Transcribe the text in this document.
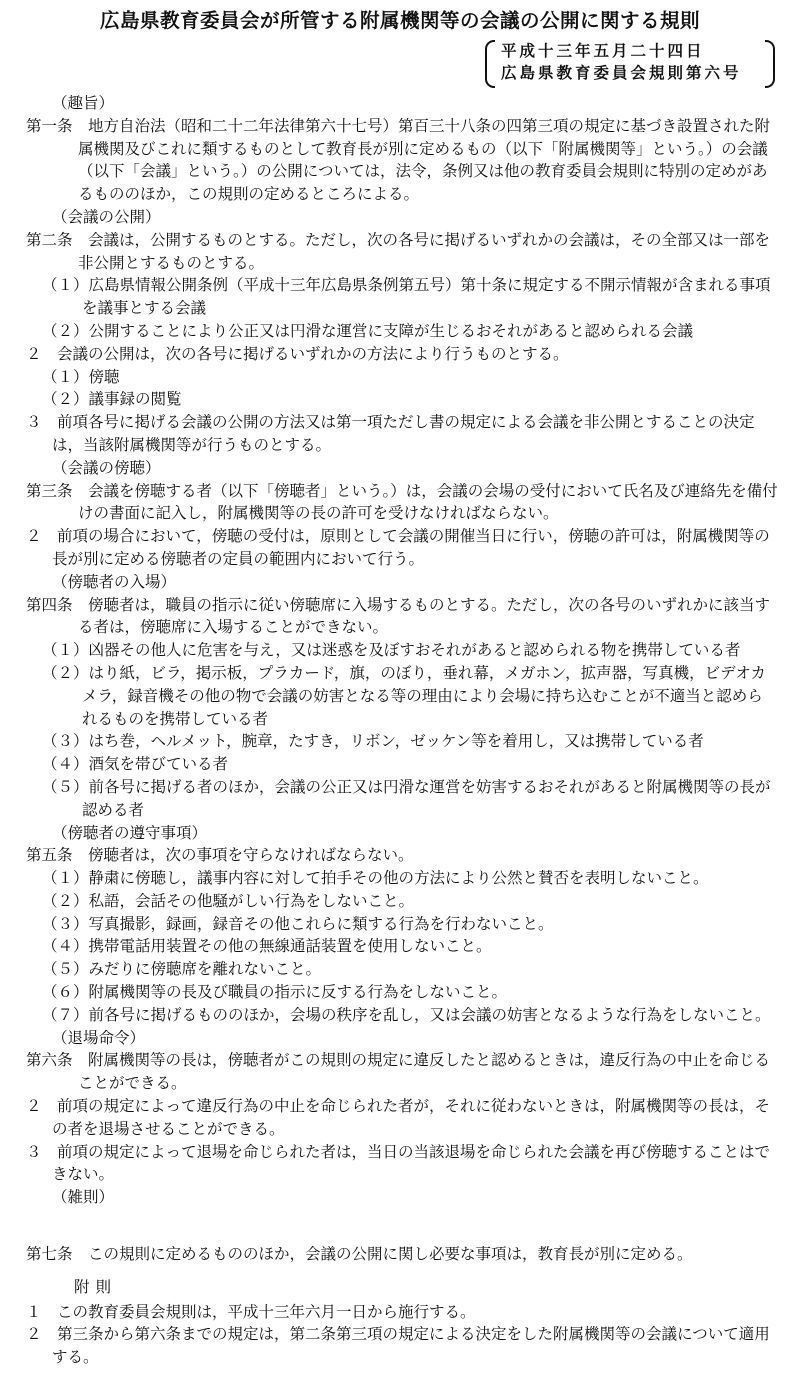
広島県教育委員会が所管する附属機関等の会議の公開に関する規則
平成十三年五月二十四日
広島県教育委員会規則第六号
（趣旨）

第一条　地方自治法（昭和二十二年法律第六十七号）第百三十八条の四第三項の規定に基づき設置された附属機関及びこれに類するものとして教育長が別に定めるもの（以下「附属機関等」という。）の会議（以下「会議」という。）の公開については，法令，条例又は他の教育委員会規則に特別の定めがあるもののほか，この規則の定めるところによる。

（会議の公開）

第二条　会議は，公開するものとする。ただし，次の各号に掲げるいずれかの会議は，その全部又は一部を非公開とするものとする。

（１）広島県情報公開条例（平成十三年広島県条例第五号）第十条に規定する不開示情報が含まれる事項を議事とする会議

（２）公開することにより公正又は円滑な運営に支障が生じるおそれがあると認められる会議

２　会議の公開は，次の各号に掲げるいずれかの方法により行うものとする。

（１）傍聴

（２）議事録の閲覧

３　前項各号に掲げる会議の公開の方法又は第一項ただし書の規定による会議を非公開とすることの決定は，当該附属機関等が行うものとする。

（会議の傍聴）

第三条　会議を傍聴する者（以下「傍聴者」という。）は，会議の会場の受付において氏名及び連絡先を備付けの書面に記入し，附属機関等の長の許可を受けなければならない。

２　前項の場合において，傍聴の受付は，原則として会議の開催当日に行い，傍聴の許可は，附属機関等の長が別に定める傍聴者の定員の範囲内において行う。

（傍聴者の入場）

第四条　傍聴者は，職員の指示に従い傍聴席に入場するものとする。ただし，次の各号のいずれかに該当する者は，傍聴席に入場することができない。

（１）凶器その他人に危害を与え，又は迷惑を及ぼすおそれがあると認められる物を携帯している者

（２）はり紙，ビラ，掲示板，プラカード，旗，のぼり，垂れ幕，メガホン，拡声器，写真機，ビデオカメラ，録音機その他の物で会議の妨害となる等の理由により会場に持ち込むことが不適当と認められるものを携帯している者

（３）はち巻，ヘルメット，腕章，たすき，リボン，ゼッケン等を着用し，又は携帯している者

（４）酒気を帯びている者

（５）前各号に掲げる者のほか，会議の公正又は円滑な運営を妨害するおそれがあると附属機関等の長が認める者

（傍聴者の遵守事項）

第五条　傍聴者は，次の事項を守らなければならない。

（１）静粛に傍聴し，議事内容に対して拍手その他の方法により公然と賛否を表明しないこと。

（２）私語，会話その他騒がしい行為をしないこと。

（３）写真撮影，録画，録音その他これらに類する行為を行わないこと。

（４）携帯電話用装置その他の無線通話装置を使用しないこと。

（５）みだりに傍聴席を離れないこと。

（６）附属機関等の長及び職員の指示に反する行為をしないこと。

（７）前各号に掲げるもののほか，会場の秩序を乱し，又は会議の妨害となるような行為をしないこと。

（退場命令）

第六条　附属機関等の長は，傍聴者がこの規則の規定に違反したと認めるときは，違反行為の中止を命じることができる。

２　前項の規定によって違反行為の中止を命じられた者が，それに従わないときは，附属機関等の長は，その者を退場させることができる。

３　前項の規定によって退場を命じられた者は，当日の当該退場を命じられた会議を再び傍聴することはできない。

（雑則）

第七条　この規則に定めるもののほか，会議の公開に関し必要な事項は，教育長が別に定める。

附則

１　この教育委員会規則は，平成十三年六月一日から施行する。

２　第三条から第六条までの規定は，第二条第三項の規定による決定をした附属機関等の会議について適用する。
